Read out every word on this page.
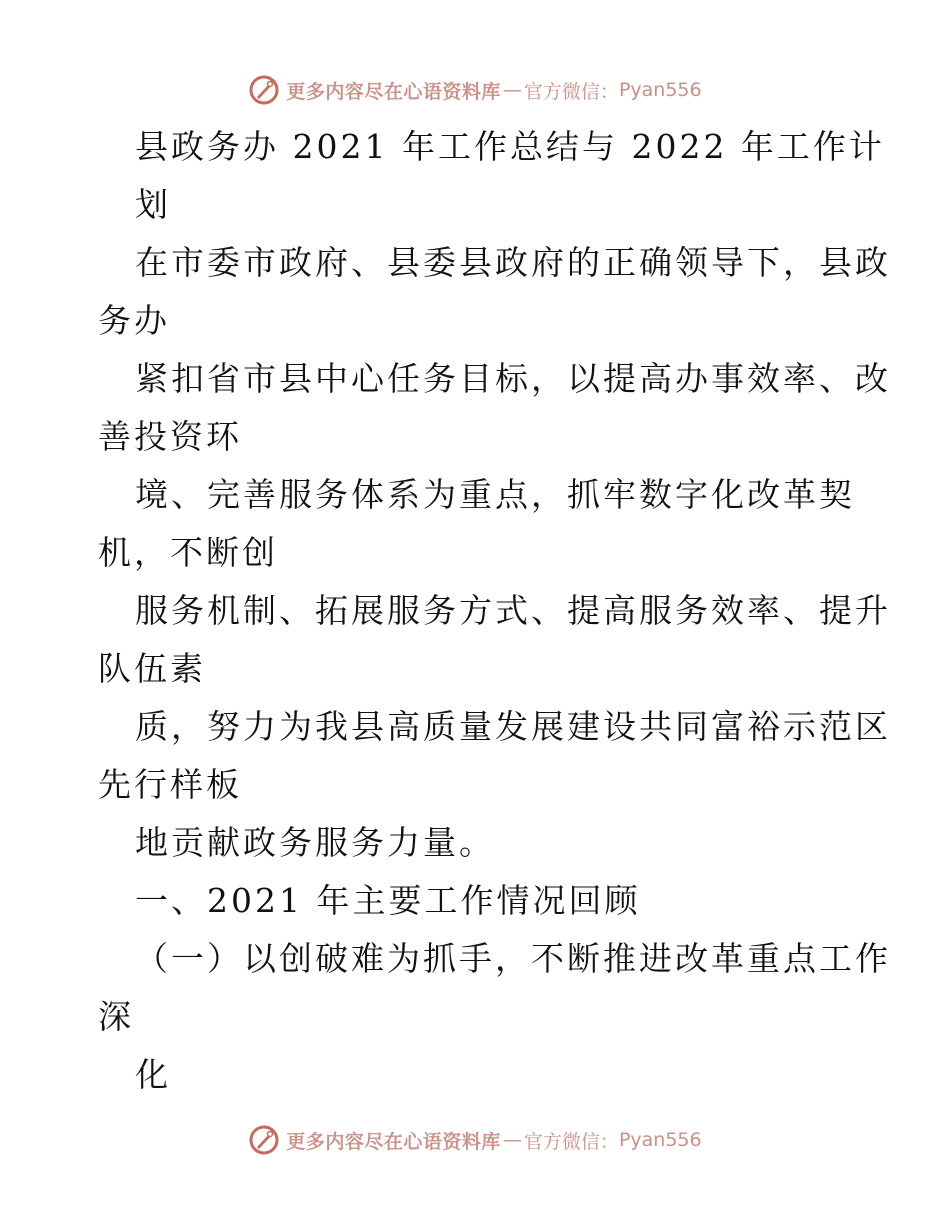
更多内容尽在心语资料库 — 官方微信： Pyan556
县政务办 2021 年工作总结与 2022 年工作计
划
在市委市政府、县委县政府的正确领导下，县政
务办
紧扣省市县中心任务目标，以提高办事效率、改
善投资环
境、完善服务体系为重点，抓牢数字化改革契
机，不断创
服务机制、拓展服务方式、提高服务效率、提升
队伍素
质，努力为我县高质量发展建设共同富裕示范区
先行样板
地贡献政务服务力量。
一、2021 年主要工作情况回顾
（一）以创破难为抓手，不断推进改革重点工作
深
化
更多内容尽在心语资料库 — 官方微信： Pyan556
